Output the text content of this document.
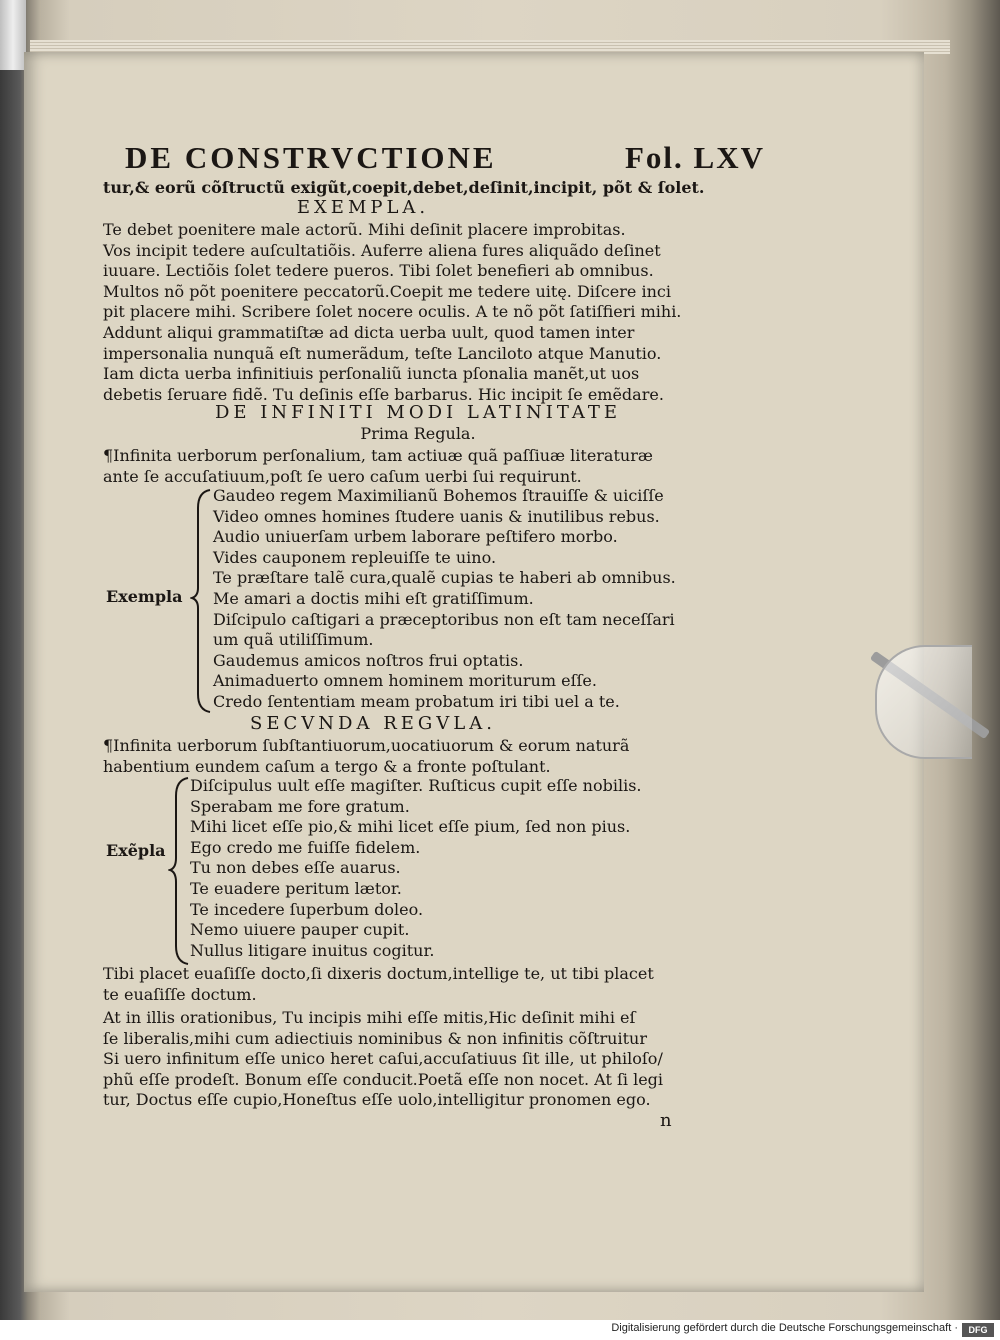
DE CONSTRVCTIONE	Fol. LXV
tur,& eorũ cõſtructũ exigũt,coepit,debet,deſinit,incipit, põt & ſolet.
EXEMPLA.
Te debet poenitere male actorũ. Mihi deſinit placere improbitas.
Vos incipit tedere auſcultatiõis. Auferre aliena fures aliquãdo deſinet
iuuare. Lectiõis ſolet tedere pueros. Tibi ſolet benefieri ab omnibus.
Multos nõ põt poenitere peccatorũ.Coepit me tedere uitę. Diſcere inci
pit placere mihi. Scribere ſolet nocere oculis. A te nõ põt ſatiſfieri mihi.
Addunt aliqui grammatiſtæ ad dicta uerba uult, quod tamen inter
impersonalia nunquã eſt numerãdum, teſte Lanciloto atque Manutio.
Iam dicta uerba infinitiuis perſonaliũ iuncta pſonalia manẽt,ut uos
debetis ſeruare fidẽ. Tu deſinis eſſe barbarus. Hic incipit ſe emẽdare.
DE INFINITI MODI LATINITATE
Prima Regula.
¶Infinita uerborum perſonalium, tam actiuæ quã paſſiuæ literaturæ
ante ſe accuſatiuum,poſt ſe uero caſum uerbi ſui requirunt.
Exempla
Gaudeo regem Maximilianũ Bohemos ſtrauiſſe & uiciſſe
Video omnes homines ſtudere uanis & inutilibus rebus.
Audio uniuerſam urbem laborare peſtifero morbo.
Vides cauponem repleuiſſe te uino.
Te præſtare talẽ cura,qualẽ cupias te haberi ab omnibus.
Me amari a doctis mihi eſt gratiſſimum.
Diſcipulo caſtigari a præceptoribus non eſt tam neceſſari
um quã utiliſſimum.
Gaudemus amicos noſtros frui optatis.
Animaduerto omnem hominem moriturum eſſe.
Credo ſententiam meam probatum iri tibi uel a te.
SECVNDA REGVLA.
¶Infinita uerborum ſubſtantiuorum,uocatiuorum & eorum naturã
habentium eundem caſum a tergo & a fronte poſtulant.
Exẽpla
Diſcipulus uult eſſe magiſter. Ruſticus cupit eſſe nobilis.
Sperabam me fore gratum.
Mihi licet eſſe pio,& mihi licet eſſe pium, ſed non pius.
Ego credo me fuiſſe fidelem.
Tu non debes eſſe auarus.
Te euadere peritum lætor.
Te incedere ſuperbum doleo.
Nemo uiuere pauper cupit.
Nullus litigare inuitus cogitur.
Tibi placet euaſiſſe docto,ſi dixeris doctum,intellige te, ut tibi placet
te euaſiſſe doctum.
At in illis orationibus, Tu incipis mihi eſſe mitis,Hic deſinit mihi eſ
ſe liberalis,mihi cum adiectiuis nominibus & non infinitis cõſtruitur
Si uero infinitum eſſe unico heret caſui,accuſatiuus ſit ille, ut philoſo/
phũ eſſe prodeſt. Bonum eſſe conducit.Poetã eſſe non nocet. At ſi legi
tur, Doctus eſſe cupio,Honeſtus eſſe uolo,intelligitur pronomen ego.
n
Digitalisierung gefördert durch die Deutsche Forschungsgemeinschaft ·	DFG
